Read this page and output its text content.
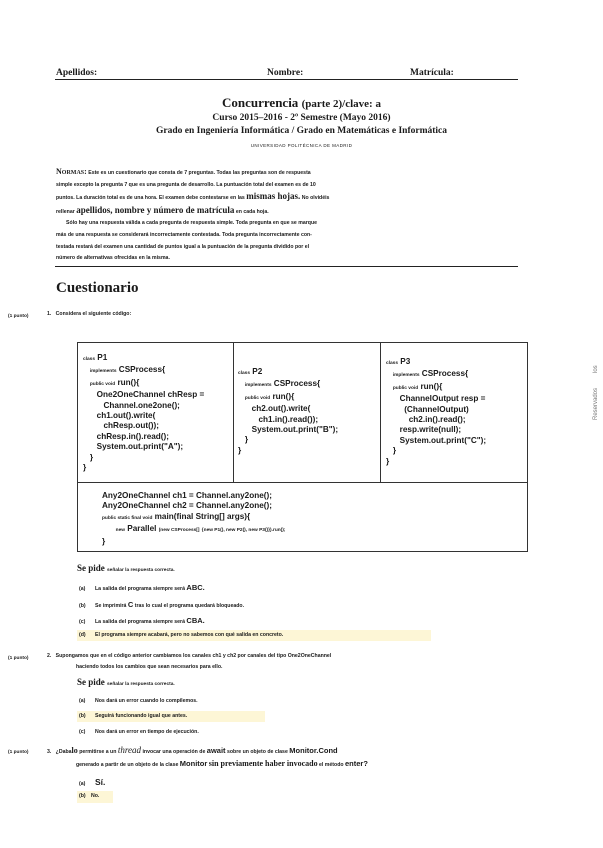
Apellidos:	Nombre:	Matrícula:
Concurrencia (parte 2)/clave: a
Curso 2015–2016 - 2º Semestre (Mayo 2016)
Grado en Ingeniería Informática / Grado en Matemáticas e Informática
UNIVERSIDAD POLITÉCNICA DE MADRID
Normas: Este es un cuestionario que consta de 7 preguntas. Todas las preguntas son de respuesta
simple excepto la pregunta 7 que es una pregunta de desarrollo. La puntuación total del examen es de 10
puntos. La duración total es de una hora. El examen debe contestarse en las mismas hojas. No olvidéis
rellenar apellidos, nombre y número de matrícula en cada hoja.
Sólo hay una respuesta válida a cada pregunta de respuesta simple. Toda pregunta en que se marque
más de una respuesta se considerará incorrectamente contestada. Toda pregunta incorrectamente con-
testada restará del examen una cantidad de puntos igual a la puntuación de la pregunta dividido por el
número de alternativas ofrecidas en la misma.
Cuestionario
(1 punto)	1. Considera el siguiente código:
class P1
implements CSProcess{
public void run(){
One2OneChannel chResp =
Channel.one2one();
ch1.out().write(
chResp.out());
chResp.in().read();
System.out.print("A");
}
}
class P2
implements CSProcess{
public void run(){
ch2.out().write(
ch1.in().read());
System.out.print("B");
}
}
class P3
implements CSProcess{
public void run(){
ChannelOutput resp =
(ChannelOutput)
ch2.in().read();
resp.write(null);
System.out.print("C");
}
}
Any2OneChannel ch1 = Channel.any2one();
Any2OneChannel ch2 = Channel.any2one();
public static final void main(final String[] args){
new Parallel (new CSProcess[] {new P1(), new P2(), new P3()}).run();
}
Se pide señalar la respuesta correcta.
(a) La salida del programa siempre será ABC.
(b) Se imprimirá C tras lo cual el programa quedará bloqueado.
(c) La salida del programa siempre será CBA.
(d) El programa siempre acabará, pero no sabemos con qué salida en concreto.
(1 punto)	2. Supongamos que en el código anterior cambiamos los canales ch1 y ch2 por canales del tipo One2OneChannel
haciendo todos los cambios que sean necesarios para ello.
Se pide señalar la respuesta correcta.
(a) Nos dará un error cuando lo compilemos.
(b) Seguirá funcionando igual que antes.
(c) Nos dará un error en tiempo de ejecución.
(1 punto)	3. ¿Dabalo permitirse a un thread invocar una operación de await sobre un objeto de clase Monitor.Cond
generado a partir de un objeto de la clase Monitor sin previamente haber invocado el método enter?
(a) Sí.
(b) No.
Reservados
los
